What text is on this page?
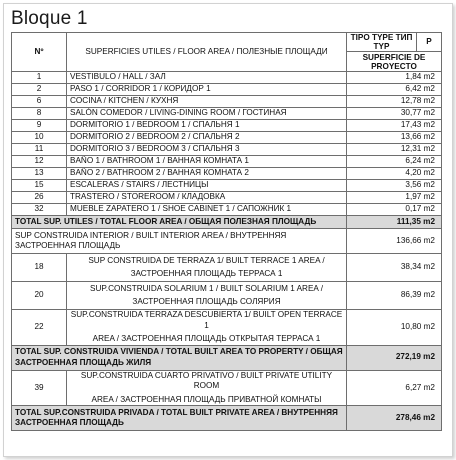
Bloque 1
Nº	SUPERFICIES UTILES / FLOOR AREA / ПОЛЕЗНЫЕ ПЛОЩАДИ	TIPO TYPE ТИП TYP	P
		SUPERFICIE DE PROYECTO	
1	VESTIBULO / HALL / ЗАЛ	1,84 m2	
2	PASO 1 / CORRIDOR 1 / КОРИДОР 1	6,42 m2	
6	COCINA / KITCHEN / КУХНЯ	12,78 m2	
8	SALÓN COMEDOR / LIVING-DINING ROOM / ГОСТИНАЯ	30,77 m2	
9	DORMITORIO 1 / BEDROOM 1 / СПАЛЬНЯ 1	17,43 m2	
10	DORMITORIO 2 / BEDROOM 2 / СПАЛЬНЯ 2	13,66 m2	
11	DORMITORIO 3 / BEDROOM 3 / СПАЛЬНЯ 3	12,31 m2	
12	BAÑO 1 / BATHROOM 1 / ВАННАЯ КОМНАТА 1	6,24 m2	
13	BAÑO 2 / BATHROOM 2 / ВАННАЯ КОМНАТА 2	4,20 m2	
15	ESCALERAS / STAIRS / ЛЕСТНИЦЫ	3,56 m2	
26	TRASTERO / STOREROOM / КЛАДОВКА	1,97 m2	
32	MUEBLE ZAPATERO 1 / SHOE CABINET 1 / САПОЖНИК 1	0,17 m2	
TOTAL SUP. UTILES / TOTAL FLOOR AREA / ОБЩАЯ ПОЛЕЗНАЯ ПЛОЩАДЬ		111,35 m2	
SUP CONSTRUIDA INTERIOR / BUILT INTERIOR AREA / ВНУТРЕННЯЯ ЗАСТРОЕННАЯ ПЛОЩАДЬ		136,66 m2	
18	SUP CONSTRUIDA DE TERRAZA 1/ BUILT TERRACE 1 AREA /
ЗАСТРОЕННАЯ ПЛОЩАДЬ ТЕРРАСА 1	38,34 m2	
20	SUP.CONSTRUIDA SOLARIUM 1 / BUILT SOLARIUM 1 AREA /
ЗАСТРОЕННАЯ ПЛОЩАДЬ СОЛЯРИЯ	86,39 m2	
22	SUP.CONSTRUIDA TERRAZA DESCUBIERTA 1/ BUILT OPEN TERRACE 1
AREA / ЗАСТРОЕННАЯ ПЛОЩАДЬ ОТКРЫТАЯ ТЕРРАСА 1	10,80 m2	
TOTAL SUP. CONSTRUIDA VIVIENDA / TOTAL BUILT AREA TO PROPERTY / ОБЩАЯ ЗАСТРОЕННАЯ ПЛОЩАДЬ ЖИЛЯ		272,19 m2	
39	SUP.CONSTRUIDA CUARTO PRIVATIVO / BUILT PRIVATE UTILITY ROOM
AREA / ЗАСТРОЕННАЯ ПЛОЩАДЬ ПРИВАТНОЙ КОМНАТЫ	6,27 m2	
TOTAL SUP.CONSTRUIDA PRIVADA / TOTAL BUILT PRIVATE AREA / ВНУТРЕННЯЯ ЗАСТРОЕННАЯ ПЛОЩАДЬ		278,46 m2	
